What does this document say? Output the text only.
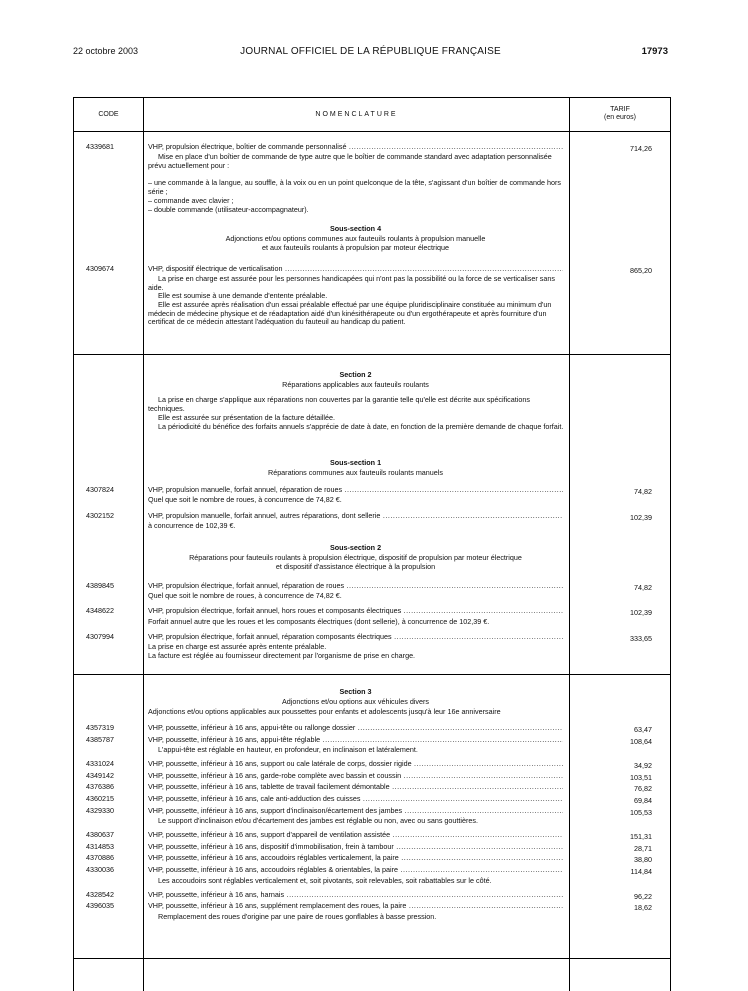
22 octobre 2003	JOURNAL OFFICIEL DE LA RÉPUBLIQUE FRANÇAISE	17973
CODE	NOMENCLATURE
TARIF
(en euros)
4339681	VHP, propulsion électrique, boîtier de commande personnalisé .....	714,26
Mise en place d'un boîtier de commande de type autre que le boîtier de commande standard avec adaptation personnalisée prévu actuellement pour :
– une commande à la langue, au souffle, à la voix ou en un point quelconque de la tête, s'agissant d'un boîtier de commande hors série ;
– commande avec clavier ;
– double commande (utilisateur-accompagnateur).
Sous-section 4
Adjonctions et/ou options communes aux fauteuils roulants à propulsion manuelle
et aux fauteuils roulants à propulsion par moteur électrique
4309674	VHP, dispositif électrique de verticalisation .....	865,20
La prise en charge est assurée pour les personnes handicapées qui n'ont pas la possibilité ou la force de se verticaliser sans aide.
Elle est soumise à une demande d'entente préalable.
Elle est assurée après réalisation d'un essai préalable effectué par une équipe pluridisciplinaire constituée au minimum d'un médecin de médecine physique et de réadaptation aidé d'un kinésithérapeute ou d'un ergothérapeute et après fourniture d'un certificat de ce médecin attestant l'adéquation du fauteuil au handicap du patient.
Section 2
Réparations applicables aux fauteuils roulants
La prise en charge s'applique aux réparations non couvertes par la garantie telle qu'elle est décrite aux spécifications techniques.
Elle est assurée sur présentation de la facture détaillée.
La périodicité du bénéfice des forfaits annuels s'apprécie de date à date, en fonction de la première demande de chaque forfait.
Sous-section 1
Réparations communes aux fauteuils roulants manuels
4307824	VHP, propulsion manuelle, forfait annuel, réparation de roues .....	74,82
Quel que soit le nombre de roues, à concurrence de 74,82 €.
4302152	VHP, propulsion manuelle, forfait annuel, autres réparations, dont sellerie .....	102,39
à concurrence de 102,39 €.
Sous-section 2
Réparations pour fauteuils roulants à propulsion électrique, dispositif de propulsion par moteur électrique
et dispositif d'assistance électrique à la propulsion
4389845	VHP, propulsion électrique, forfait annuel, réparation de roues .....	74,82
Quel que soit le nombre de roues, à concurrence de 74,82 €.
4348622	VHP, propulsion électrique, forfait annuel, hors roues et composants électriques .....	102,39
Forfait annuel autre que les roues et les composants électriques (dont sellerie), à concurrence de 102,39 €.
4307994	VHP, propulsion électrique, forfait annuel, réparation composants électriques .....	333,65
La prise en charge est assurée après entente préalable.
La facture est réglée au fournisseur directement par l'organisme de prise en charge.
Section 3
Adjonctions et/ou options aux véhicules divers
Adjonctions et/ou options applicables aux poussettes pour enfants et adolescents jusqu'à leur 16e anniversaire
4357319	VHP, poussette, inférieur à 16 ans, appui-tête ou rallonge dossier .....	63,47
4385787	VHP, poussette, inférieur à 16 ans, appui-tête réglable .....	108,64
L'appui-tête est réglable en hauteur, en profondeur, en inclinaison et latéralement.
4331024	VHP, poussette, inférieur à 16 ans, support ou cale latérale de corps, dossier rigide .....	34,92
4349142	VHP, poussette, inférieur à 16 ans, garde-robe complète avec bassin et coussin .....	103,51
4376386	VHP, poussette, inférieur à 16 ans, tablette de travail facilement démontable .....	76,82
4360215	VHP, poussette, inférieur à 16 ans, cale anti-adduction des cuisses .....	69,84
4329330	VHP, poussette, inférieur à 16 ans, support d'inclinaison/écartement des jambes .....	105,53
Le support d'inclinaison et/ou d'écartement des jambes est réglable ou non, avec ou sans gouttières.
4380637	VHP, poussette, inférieur à 16 ans, support d'appareil de ventilation assistée .....	151,31
4314853	VHP, poussette, inférieur à 16 ans, dispositif d'immobilisation, frein à tambour .....	28,71
4370886	VHP, poussette, inférieur à 16 ans, accoudoirs réglables verticalement, la paire .....	38,80
4330036	VHP, poussette, inférieur à 16 ans, accoudoirs réglables & orientables, la paire .....	114,84
Les accoudoirs sont réglables verticalement et, soit pivotants, soit relevables, soit rabattables sur le côté.
4328542	VHP, poussette, inférieur à 16 ans, harnais .....	96,22
4396035	VHP, poussette, inférieur à 16 ans, supplément remplacement des roues, la paire .....	18,62
Remplacement des roues d'origine par une paire de roues gonflables à basse pression.
